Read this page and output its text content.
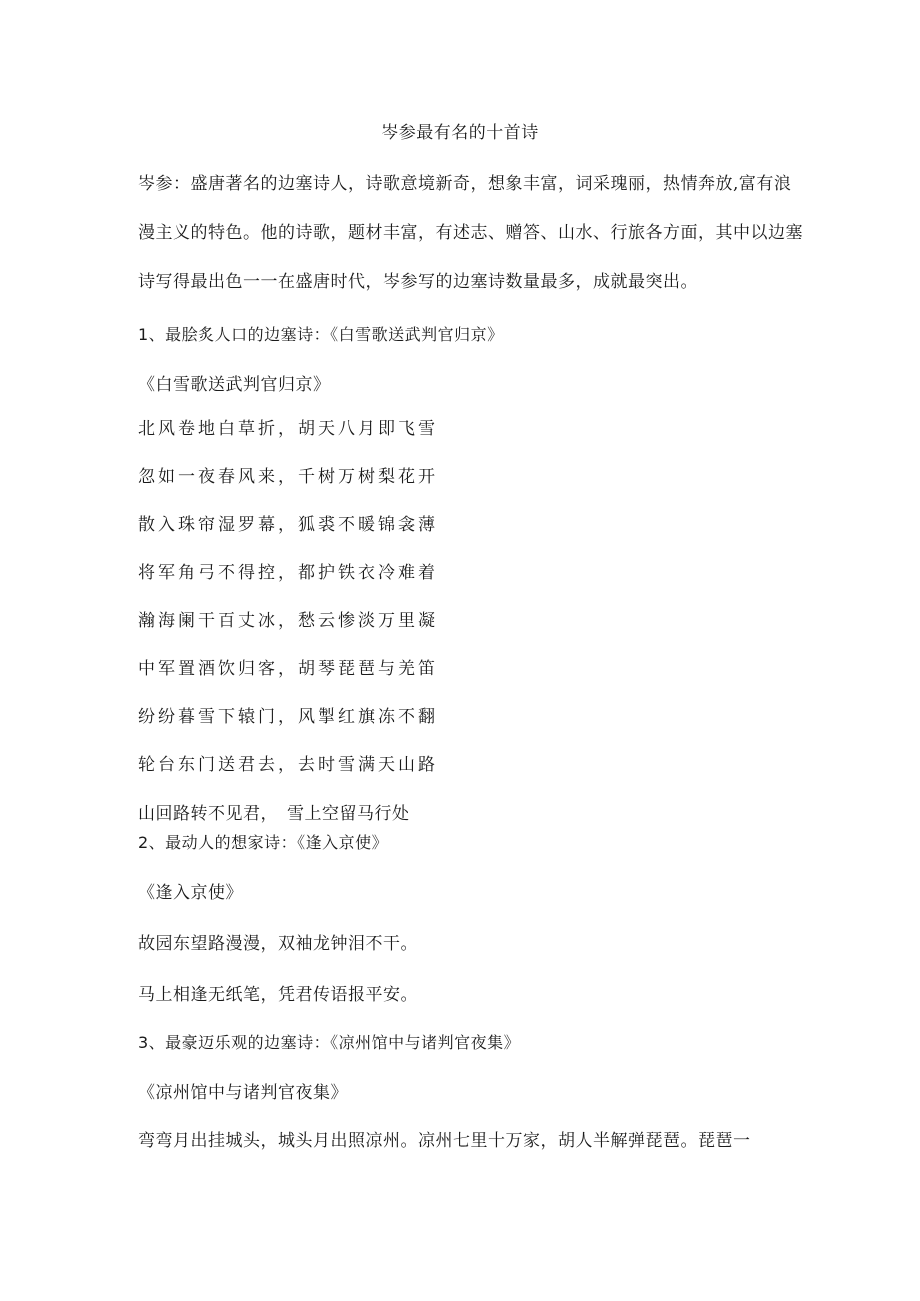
岑参最有名的十首诗
岑参：盛唐著名的边塞诗人，诗歌意境新奇，想象丰富，词采瑰丽，热情奔放,富有浪
漫主义的特色。他的诗歌，题材丰富，有述志、赠答、山水、行旅各方面，其中以边塞
诗写得最出色一一在盛唐时代，岑参写的边塞诗数量最多，成就最突出。
1、最脍炙人口的边塞诗：《白雪歌送武判官归京》
《白雪歌送武判官归京》
北风卷地白草折，胡天八月即飞雪
忽如一夜春风来，千树万树梨花开
散入珠帘湿罗幕，狐裘不暖锦衾薄
将军角弓不得控，都护铁衣冷难着
瀚海阑干百丈冰，愁云惨淡万里凝
中军置酒饮归客，胡琴琵琶与羌笛
纷纷暮雪下辕门，风掣红旗冻不翻
轮台东门送君去，去时雪满天山路
山回路转不见君，　雪上空留马行处
2、最动人的想家诗：《逢入京使》
《逢入京使》
故园东望路漫漫，双袖龙钟泪不干。
马上相逢无纸笔，凭君传语报平安。
3、最豪迈乐观的边塞诗：《凉州馆中与诸判官夜集》
《凉州馆中与诸判官夜集》
弯弯月出挂城头，城头月出照凉州。凉州七里十万家，胡人半解弹琵琶。琵琶一
